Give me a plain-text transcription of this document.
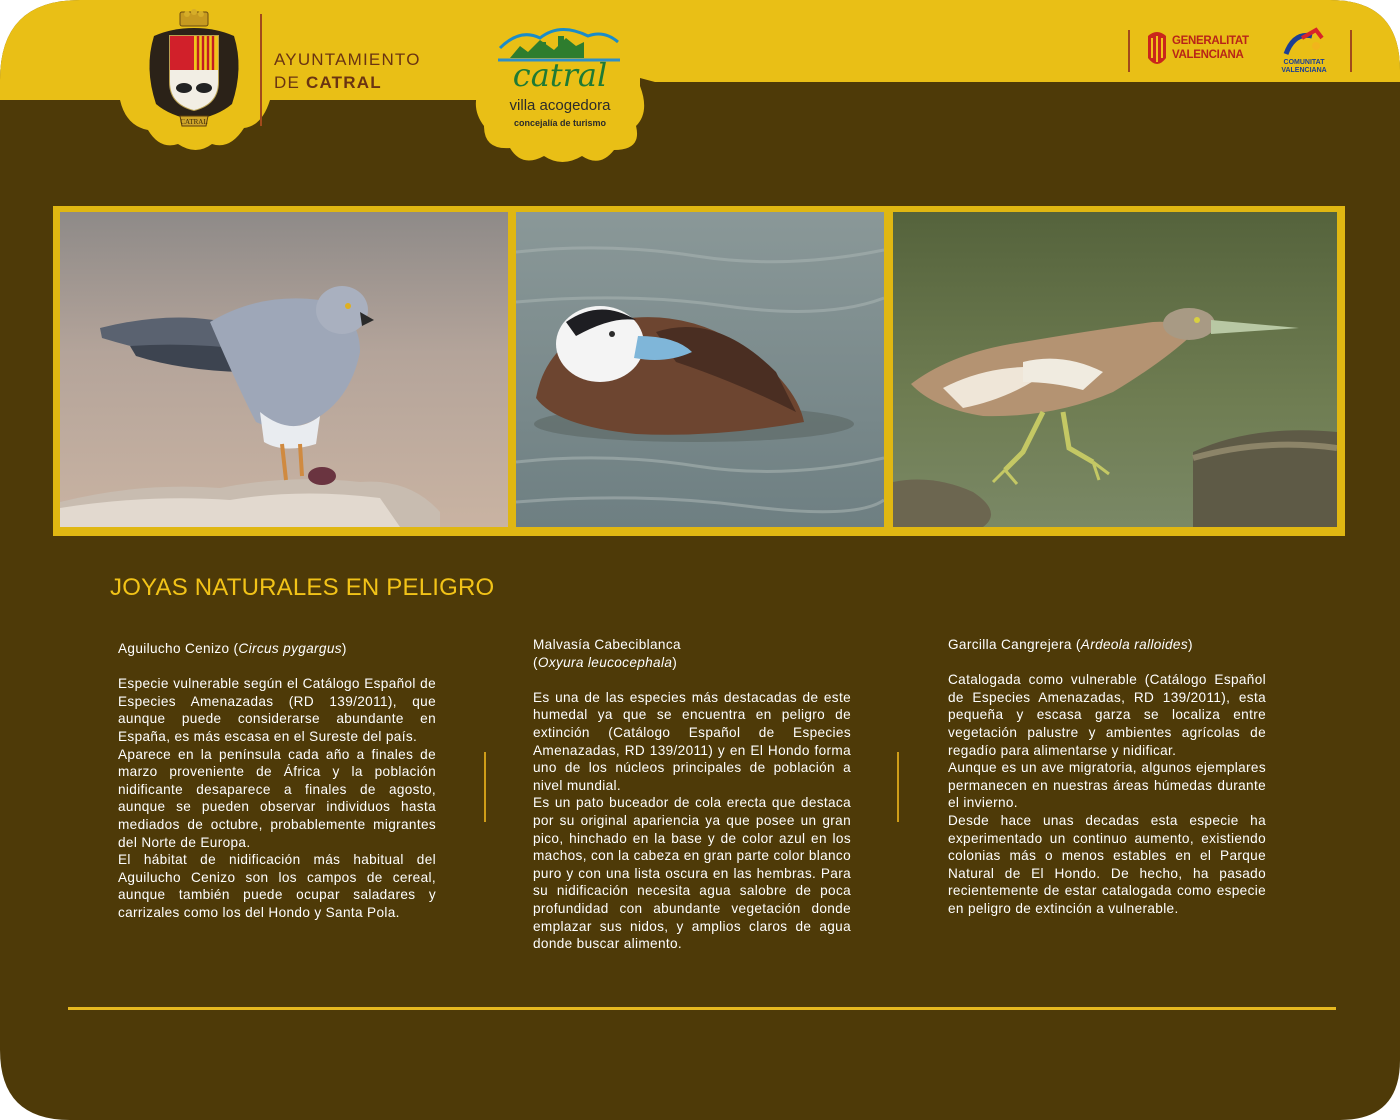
CATRAL
AYUNTAMIENTO
DE CATRAL	catral
villa acogedora
concejalía de turismo
GENERALITAT
VALENCIANA
COMUNITAT
VALENCIANA
JOYAS NATURALES EN PELIGRO
Aguilucho Cenizo (Circus pygargus)

Especie vulnerable según el Catálogo Español de Especies Amenazadas (RD 139/2011), que aunque puede considerarse abundante en España, es más escasa en el Sureste del país.

Aparece en la península cada año a finales de marzo proveniente de África y la población nidificante desaparece a finales de agosto, aunque se pueden observar individuos hasta mediados de octubre, probablemente migrantes del Norte de Europa.

El hábitat de nidificación más habitual del Aguilucho Cenizo son los campos de cereal, aunque también puede ocupar saladares y carrizales como los del Hondo y Santa Pola.

Malvasía Cabeciblanca
(Oxyura leucocephala)

Es una de las especies más destacadas de este humedal ya que se encuentra en peligro de extinción (Catálogo Español de Especies Amenazadas, RD 139/2011) y en El Hondo forma uno de los núcleos principales de población a nivel mundial.

Es un pato buceador de cola erecta que destaca por su original apariencia ya que posee un gran pico, hinchado en la base y de color azul en los machos, con la cabeza en gran parte color blanco puro y con una lista oscura en las hembras. Para su nidificación necesita agua salobre de poca profundidad con abundante vegetación donde emplazar sus nidos, y amplios claros de agua donde buscar alimento.

Garcilla Cangrejera (Ardeola ralloides)

Catalogada como vulnerable (Catálogo Español de Especies Amenazadas, RD 139/2011), esta pequeña y escasa garza se localiza entre vegetación palustre y ambientes agrícolas de regadío para alimentarse y nidificar.

Aunque es un ave migratoria, algunos ejemplares permanecen en nuestras áreas húmedas durante el invierno.

Desde hace unas decadas esta especie ha experimentado un continuo aumento, existiendo colonias más o menos estables en el Parque Natural de El Hondo. De hecho, ha pasado recientemente de estar catalogada como especie en peligro de extinción a vulnerable.
